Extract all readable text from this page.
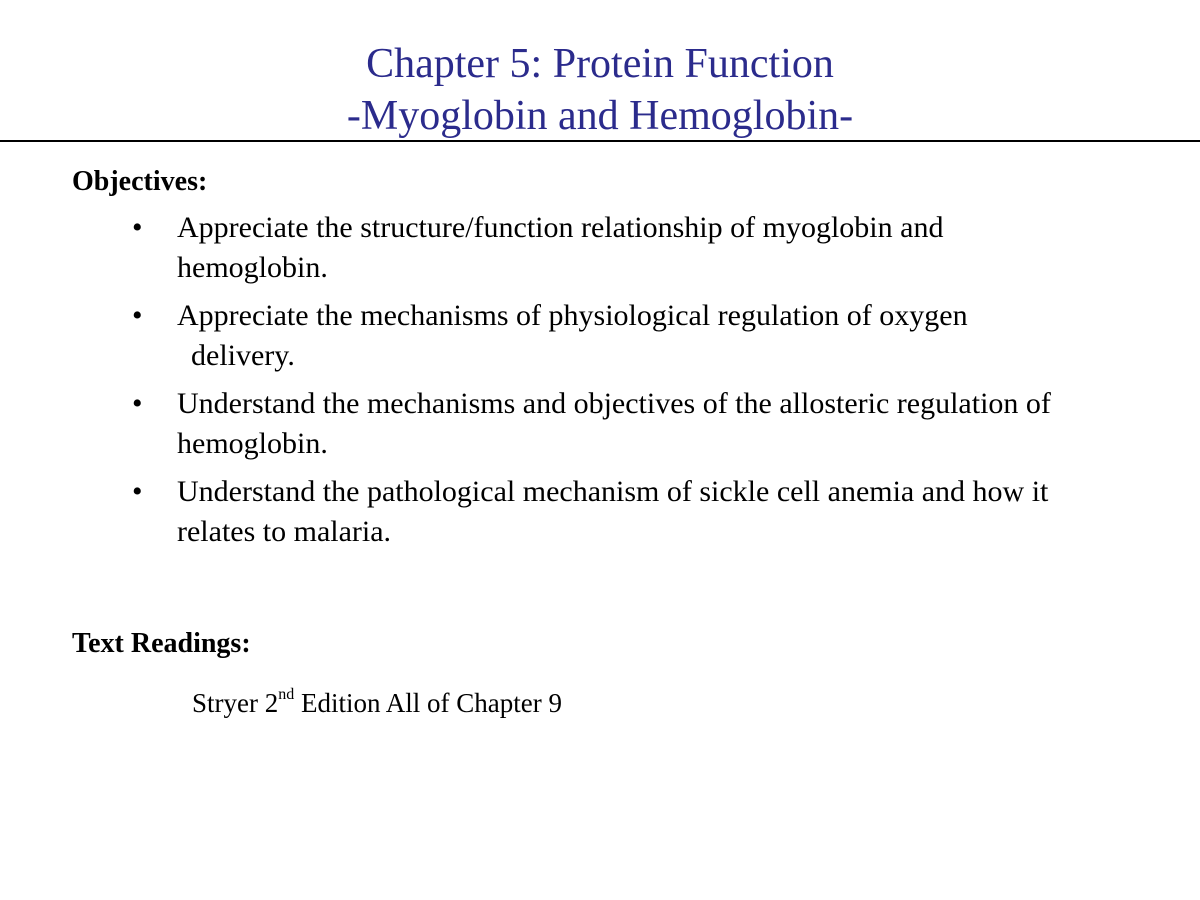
Chapter 5: Protein Function
-Myoglobin and Hemoglobin-
Objectives:
• Appreciate the structure/function relationship of myoglobin and
hemoglobin.
• Appreciate the mechanisms of physiological regulation of oxygen
delivery.
• Understand the mechanisms and objectives of the allosteric regulation of
hemoglobin.
• Understand the pathological mechanism of sickle cell anemia and how it
relates to malaria.
Text Readings:
Stryer 2nd Edition All of Chapter 9
